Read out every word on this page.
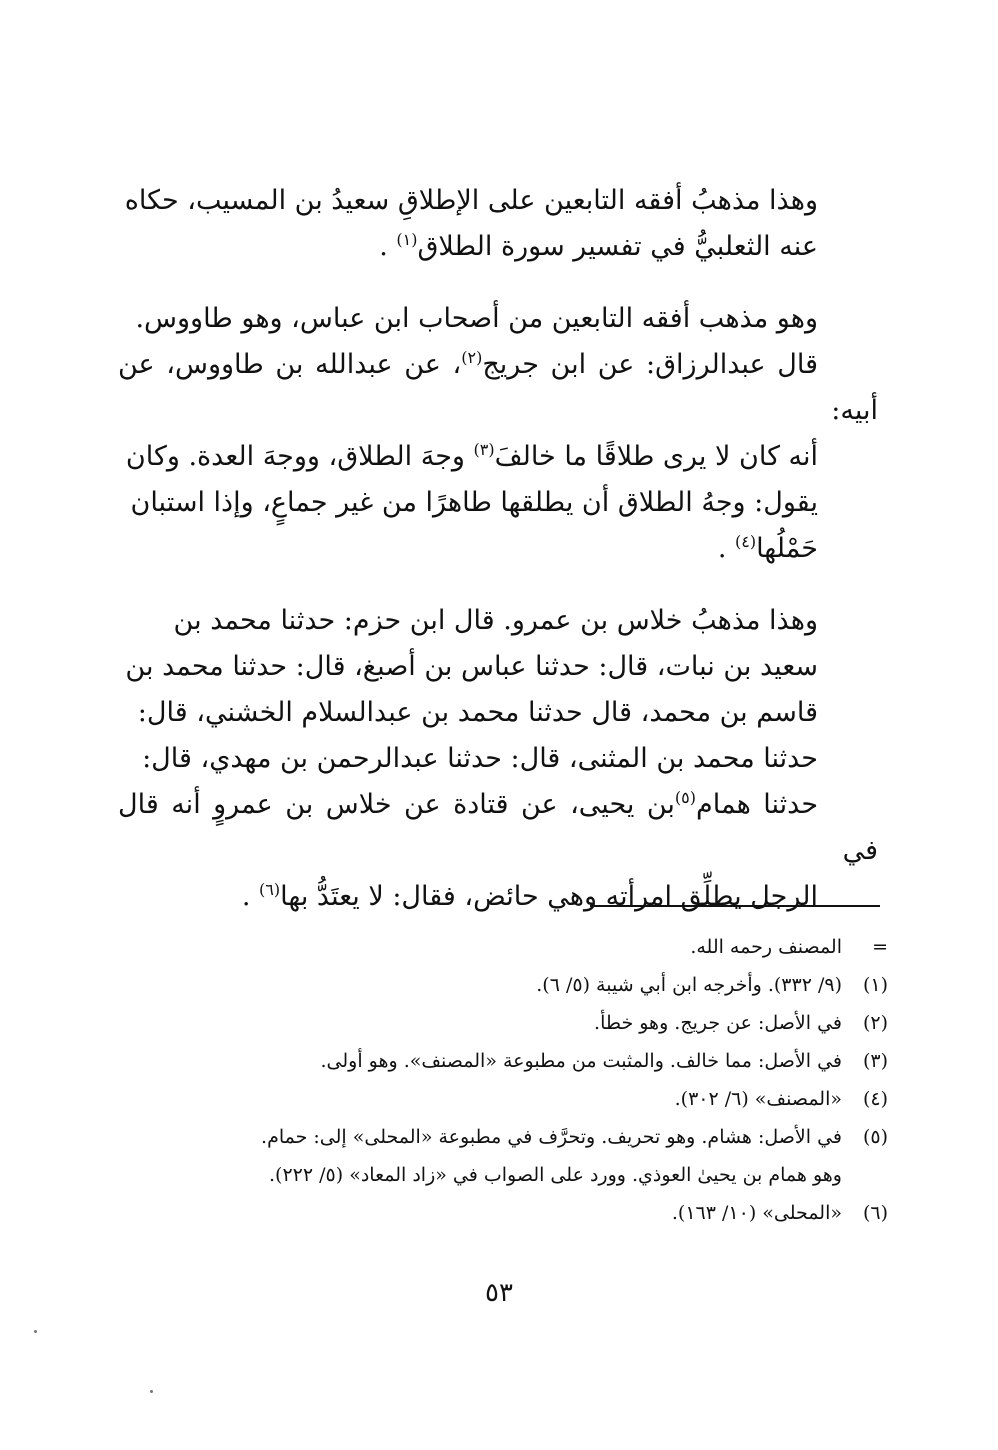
وهذا مذهبُ أفقه التابعين على الإطلاقِ سعيدُ بن المسيب، حكاه
عنه الثعلبيُّ في تفسير سورة الطلاق$^{(١)}$ .

وهو مذهب أفقه التابعين من أصحاب ابن عباس، وهو طاووس.
قال عبدالرزاق: عن ابن جريج$^{(٢)}$، عن عبدالله بن طاووس، عن أبيه:
أنه كان لا يرى طلاقًا ما خالفَ$^{(٣)}$ وجهَ الطلاق، ووجهَ العدة. وكان
يقول: وجهُ الطلاق أن يطلقها طاهرًا من غير جماعٍ، وإذا استبان
حَمْلُها$^{(٤)}$ .

وهذا مذهبُ خلاس بن عمرو. قال ابن حزم: حدثنا محمد بن
سعيد بن نبات، قال: حدثنا عباس بن أصبغ، قال: حدثنا محمد بن
قاسم بن محمد، قال حدثنا محمد بن عبدالسلام الخشني، قال:
حدثنا محمد بن المثنى، قال: حدثنا عبدالرحمن بن مهدي، قال:
حدثنا همام$^{(٥)}$بن يحيى، عن قتادة عن خلاس بن عمروٍ أنه قال في
الرجل يطلِّق امرأته وهي حائض، فقال: لا يعتَدُّ بها$^{(٦)}$ .

=
المصنف رحمه الله.
(١)
(٩/ ٣٣٢). وأخرجه ابن أبي شيبة (٥/ ٦).
(٢)
في الأصل: عن جريج. وهو خطأ.
(٣)
في الأصل: مما خالف. والمثبت من مطبوعة «المصنف». وهو أولى.
(٤)
«المصنف» (٦/ ٣٠٢).
(٥)
في الأصل: هشام. وهو تحريف. وتحرَّف في مطبوعة «المحلى» إلى: حمام.
وهو همام بن يحيىٰ العوذي. وورد على الصواب في «زاد المعاد» (٥/ ٢٢٢).
(٦)
«المحلى» (١٠/ ١٦٣).
٥٣
